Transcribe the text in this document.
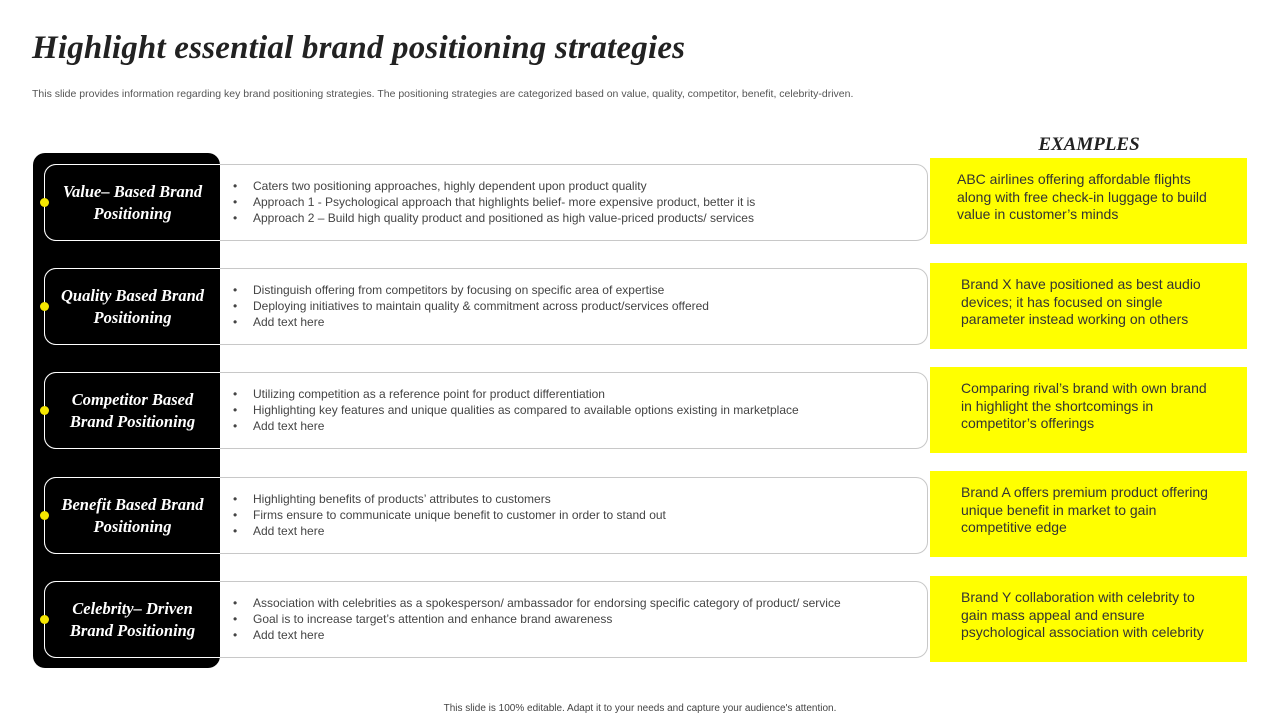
Highlight essential brand positioning strategies
This slide provides information regarding key brand positioning strategies. The positioning strategies are categorized based on value, quality, competitor, benefit, celebrity-driven.
EXAMPLES
Value– Based Brand Positioning
• Caters two positioning approaches, highly dependent upon product quality
• Approach 1 - Psychological approach that highlights belief- more expensive product, better it is
• Approach 2 – Build high quality product and positioned as high value-priced products/ services
ABC airlines offering affordable flights along with free check-in luggage to build value in customer’s minds
Quality Based Brand Positioning
• Distinguish offering from competitors by focusing on specific area of expertise
• Deploying initiatives to maintain quality & commitment across product/services offered
• Add text here
Brand X have positioned as best audio devices; it has focused on single parameter instead working on others
Competitor Based Brand Positioning
• Utilizing competition as a reference point for product differentiation
• Highlighting key features and unique qualities as compared to available options existing in marketplace
• Add text here
Comparing rival’s brand with own brand in highlight the shortcomings in competitor’s offerings
Benefit Based Brand Positioning
• Highlighting benefits of products’ attributes to customers
• Firms ensure to communicate unique benefit to customer in order to stand out
• Add text here
Brand A offers premium product offering unique benefit in market to gain competitive edge
Celebrity– Driven Brand Positioning
• Association with celebrities as a spokesperson/ ambassador for endorsing specific category of product/ service
• Goal is to increase target’s attention and enhance brand awareness
• Add text here
Brand Y collaboration with celebrity to gain mass appeal and ensure psychological association with celebrity
This slide is 100% editable. Adapt it to your needs and capture your audience's attention.
